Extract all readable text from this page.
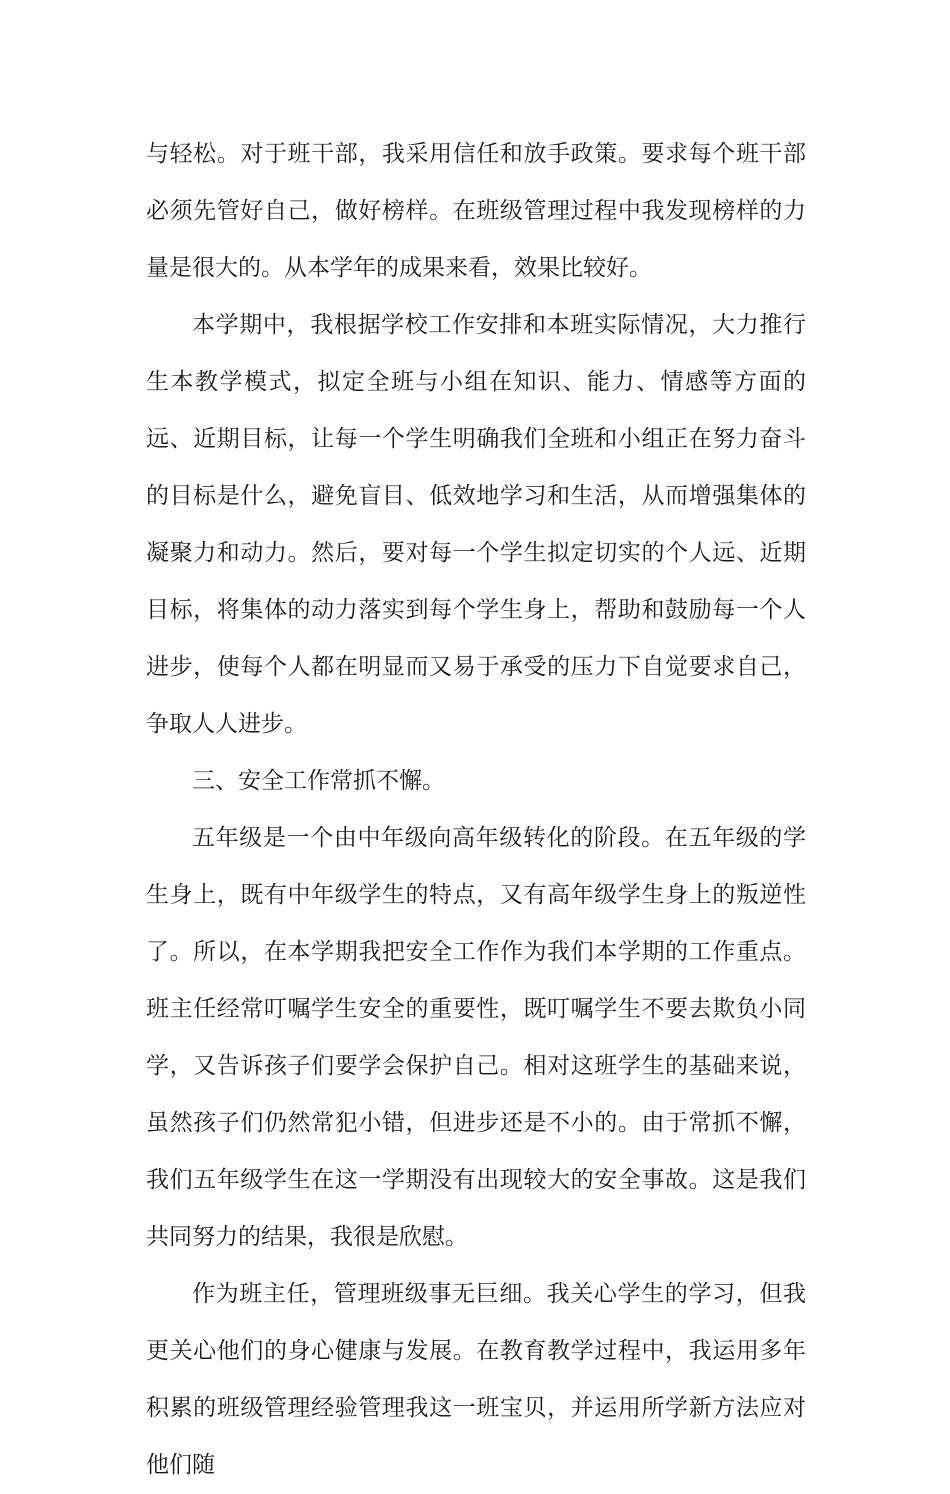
与轻松。对于班干部，我采用信任和放手政策。要求每个班干部必须先管好自己，做好榜样。在班级管理过程中我发现榜样的力量是很大的。从本学年的成果来看，效果比较好。

本学期中，我根据学校工作安排和本班实际情况，大力推行生本教学模式，拟定全班与小组在知识、能力、情感等方面的远、近期目标，让每一个学生明确我们全班和小组正在努力奋斗的目标是什么，避免盲目、低效地学习和生活，从而增强集体的凝聚力和动力。然后，要对每一个学生拟定切实的个人远、近期目标，将集体的动力落实到每个学生身上，帮助和鼓励每一个人进步，使每个人都在明显而又易于承受的压力下自觉要求自己，争取人人进步。

三、安全工作常抓不懈。

五年级是一个由中年级向高年级转化的阶段。在五年级的学生身上，既有中年级学生的特点，又有高年级学生身上的叛逆性了。所以，在本学期我把安全工作作为我们本学期的工作重点。班主任经常叮嘱学生安全的重要性，既叮嘱学生不要去欺负小同学，又告诉孩子们要学会保护自己。相对这班学生的基础来说，虽然孩子们仍然常犯小错，但进步还是不小的。由于常抓不懈，我们五年级学生在这一学期没有出现较大的安全事故。这是我们共同努力的结果，我很是欣慰。

作为班主任，管理班级事无巨细。我关心学生的学习，但我更关心他们的身心健康与发展。在教育教学过程中，我运用多年积累的班级管理经验管理我这一班宝贝，并运用所学新方法应对他们随
